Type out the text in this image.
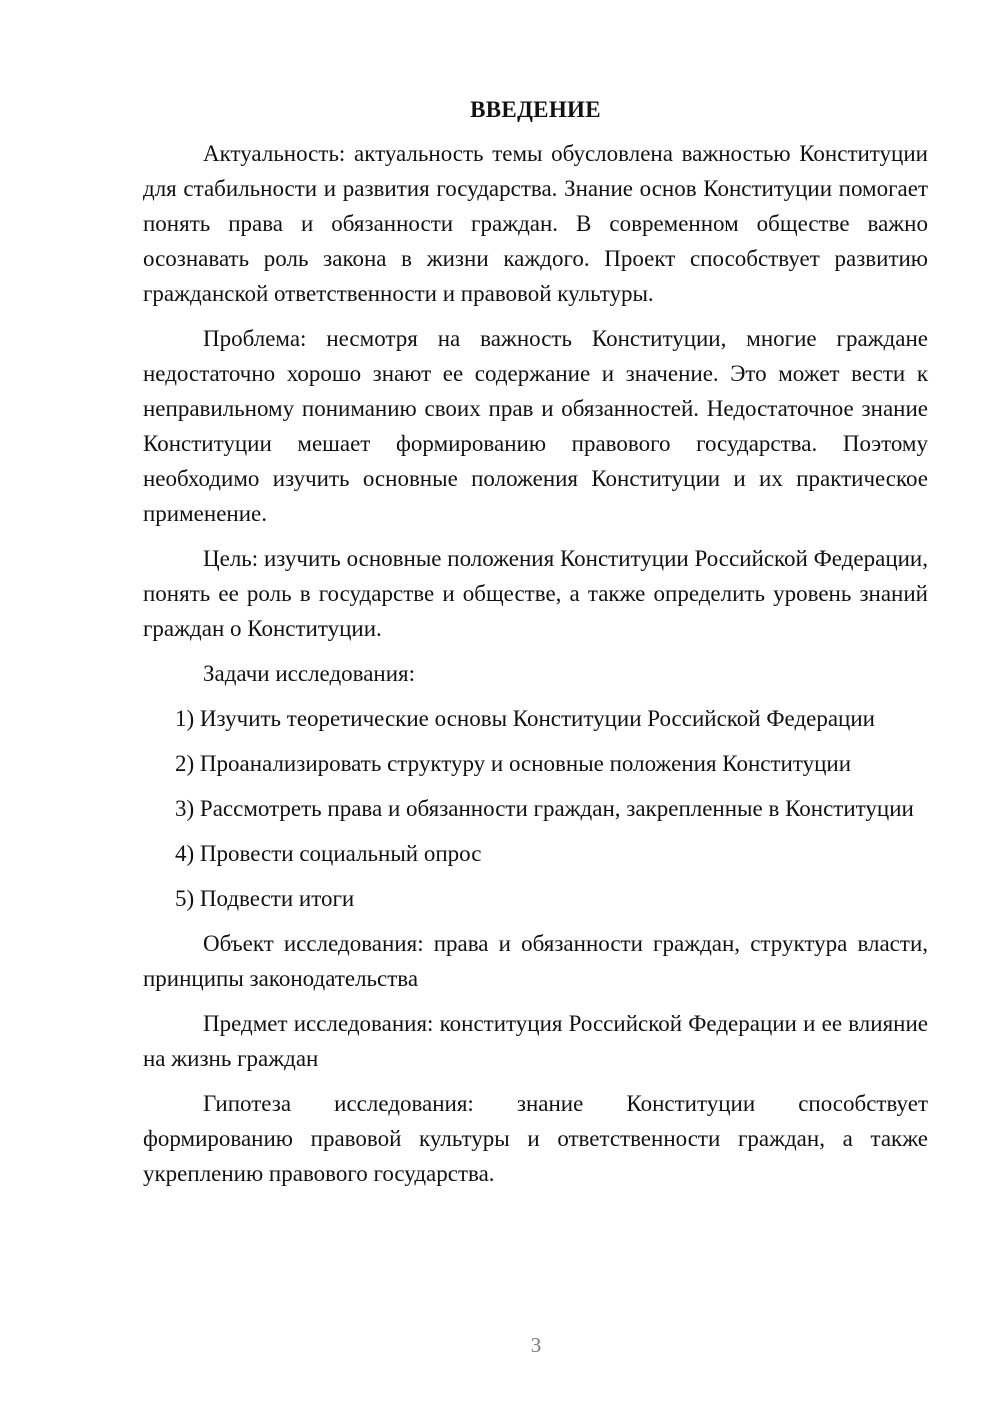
ВВЕДЕНИЕ

Актуальность: актуальность темы обусловлена важностью Конституции для стабильности и развития государства. Знание основ Конституции помогает понять права и обязанности граждан. В современном обществе важно осознавать роль закона в жизни каждого. Проект способствует развитию гражданской ответственности и правовой культуры.

Проблема: несмотря на важность Конституции, многие граждане недостаточно хорошо знают ее содержание и значение. Это может вести к неправильному пониманию своих прав и обязанностей. Недостаточное знание Конституции мешает формированию правового государства. Поэтому необходимо изучить основные положения Конституции и их практическое применение.

Цель: изучить основные положения Конституции Российской Федерации, понять ее роль в государстве и обществе, а также определить уровень знаний граждан о Конституции.

Задачи исследования:

1) Изучить теоретические основы Конституции Российской Федерации

2) Проанализировать структуру и основные положения Конституции

3) Рассмотреть права и обязанности граждан, закрепленные в Конституции

4) Провести социальный опрос

5) Подвести итоги

Объект исследования: права и обязанности граждан, структура власти, принципы законодательства

Предмет исследования: конституция Российской Федерации и ее влияние на жизнь граждан

Гипотеза исследования: знание Конституции способствует формированию правовой культуры и ответственности граждан, а также укреплению правового государства.

3
